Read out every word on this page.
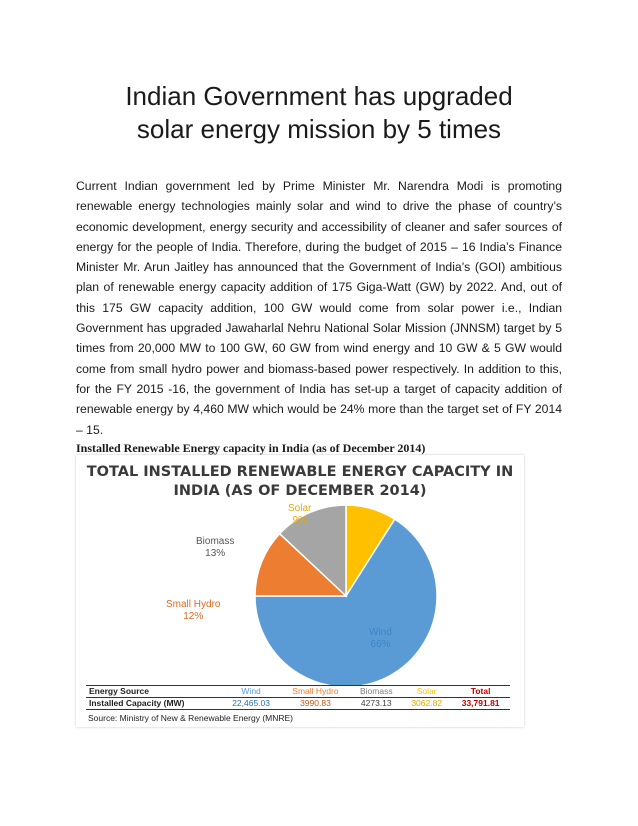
Indian Government has upgraded
solar energy mission by 5 times
Current Indian government led by Prime Minister Mr. Narendra Modi is promoting renewable energy technologies mainly solar and wind to drive the phase of country’s economic development, energy security and accessibility of cleaner and safer sources of energy for the people of India. Therefore, during the budget of 2015 – 16 India’s Finance Minister Mr. Arun Jaitley has announced that the Government of India’s (GOI) ambitious plan of renewable energy capacity addition of 175 Giga-Watt (GW) by 2022. And, out of this 175 GW capacity addition, 100 GW would come from solar power i.e., Indian Government has upgraded Jawaharlal Nehru National Solar Mission (JNNSM) target by 5 times from 20,000 MW to 100 GW, 60 GW from wind energy and 10 GW & 5 GW would come from small hydro power and biomass-based power respectively. In addition to this, for the FY 2015 -16, the government of India has set-up a target of capacity addition of renewable energy by 4,460 MW which would be 24% more than the target set of FY 2014 – 15.
Installed Renewable Energy capacity in India (as of December 2014)
TOTAL INSTALLED RENEWABLE ENERGY CAPACITY IN
INDIA (AS OF DECEMBER 2014)
Solar
9%
Biomass
13%
Small Hydro
12%
Wind
66%
Energy Source	Wind	Small Hydro	Biomass	Solar	Total
Installed Capacity (MW)	22,465.03	3990.83	4273.13	3062.82	33,791.81
Source: Ministry of New & Renewable Energy (MNRE)
